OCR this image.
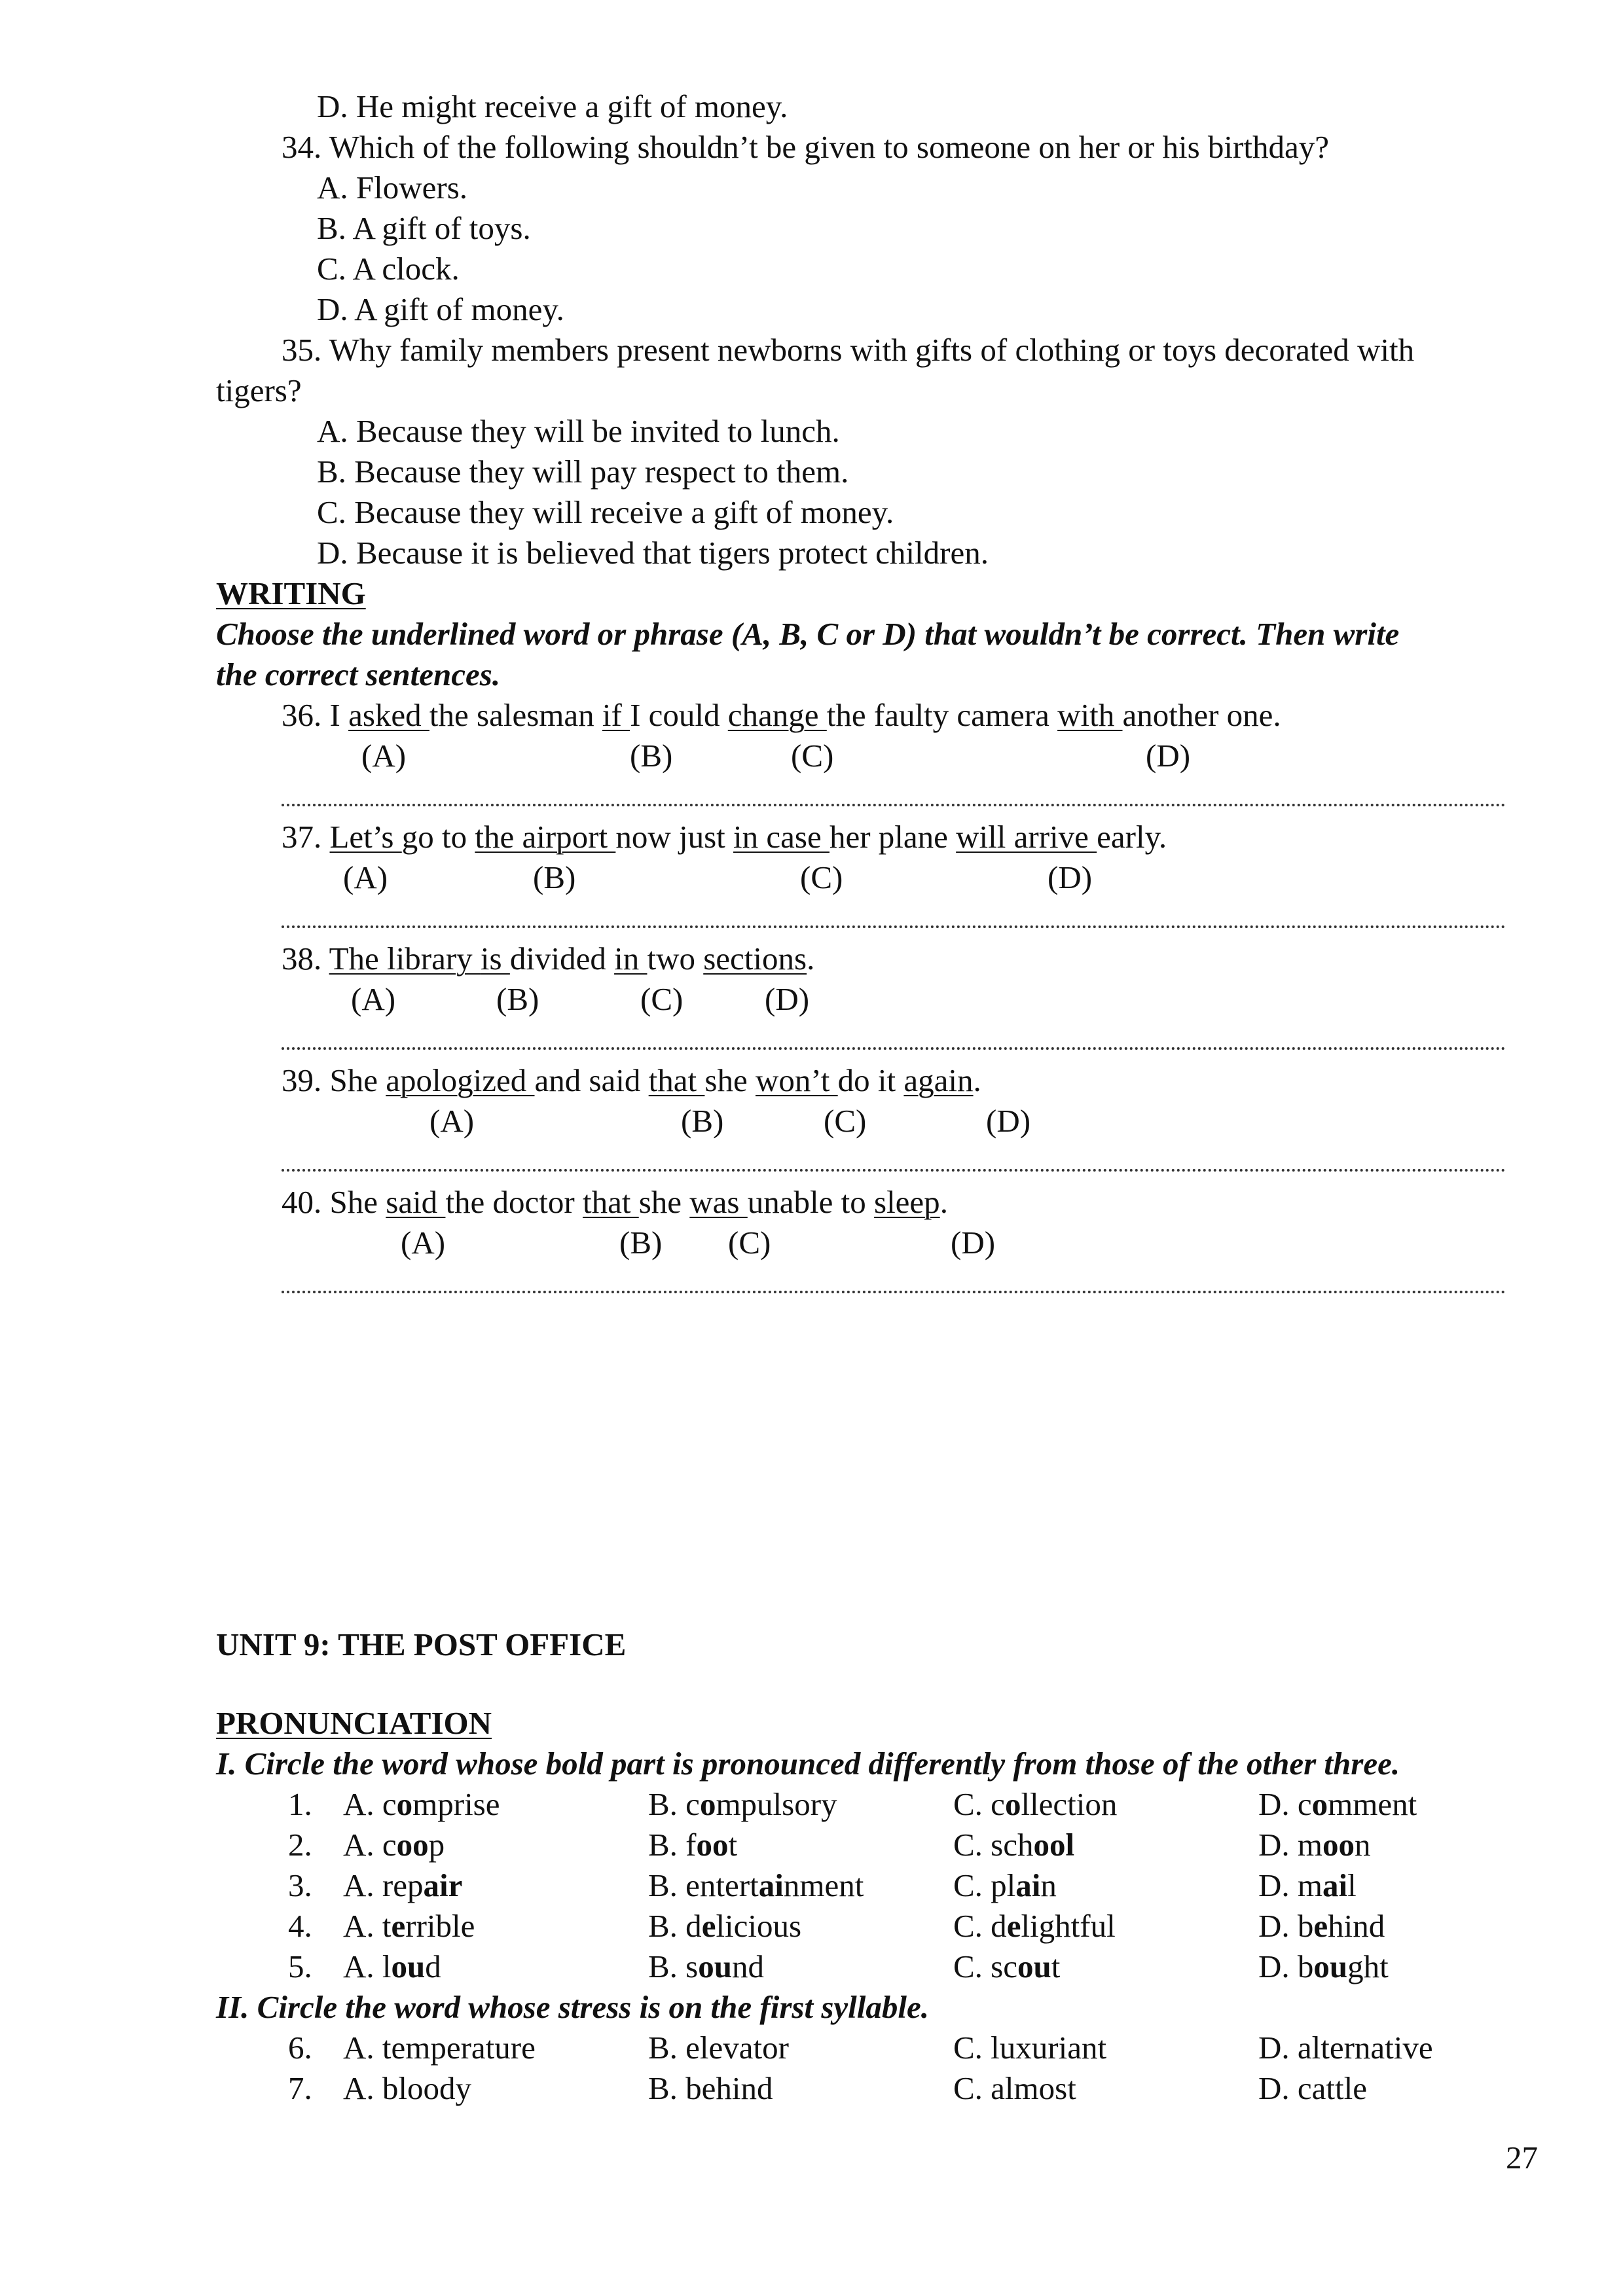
D. He might receive a gift of money.
34. Which of the following shouldn’t be given to someone on her or his birthday?
A. Flowers.
B. A gift of toys.
C. A clock.
D. A gift of money.
35. Why family members present newborns with gifts of clothing or toys decorated with
tigers?
A. Because they will be invited to lunch.
B. Because they will pay respect to them.
C. Because they will receive a gift of money.
D. Because it is believed that tigers protect children.
WRITING
Choose the underlined word or phrase (A, B, C or D) that wouldn’t be correct. Then write
the correct sentences.
36. I asked the salesman if I could change the faulty camera with another one.
(A)	(B)	(C)	(D)
37. Let’s go to the airport now just in case her plane will arrive early.
(A)	(B)	(C)	(D)
38. The library is divided in two sections.
(A)	(B)	(C)	(D)
39. She apologized and said that she won’t do it again.
(A)	(B)	(C)	(D)
40. She said the doctor that she was unable to sleep.
(A)	(B) (C)	(D)
UNIT 9: THE POST OFFICE
PRONUNCIATION
I. Circle the word whose bold part is pronounced differently from those of the other three.
1. A. comprise	B. compulsory	C. collection	D. comment
2. A. coop	B. foot	C. school	D. moon
3. A. repair	B. entertainment	C. plain	D. mail
4. A. terrible	B. delicious	C. delightful	D. behind
5. A. loud	B. sound	C. scout	D. bought
II. Circle the word whose stress is on the first syllable.
6. A. temperature	B. elevator	C. luxuriant	D. alternative
7. A. bloody	B. behind	C. almost	D. cattle
27
